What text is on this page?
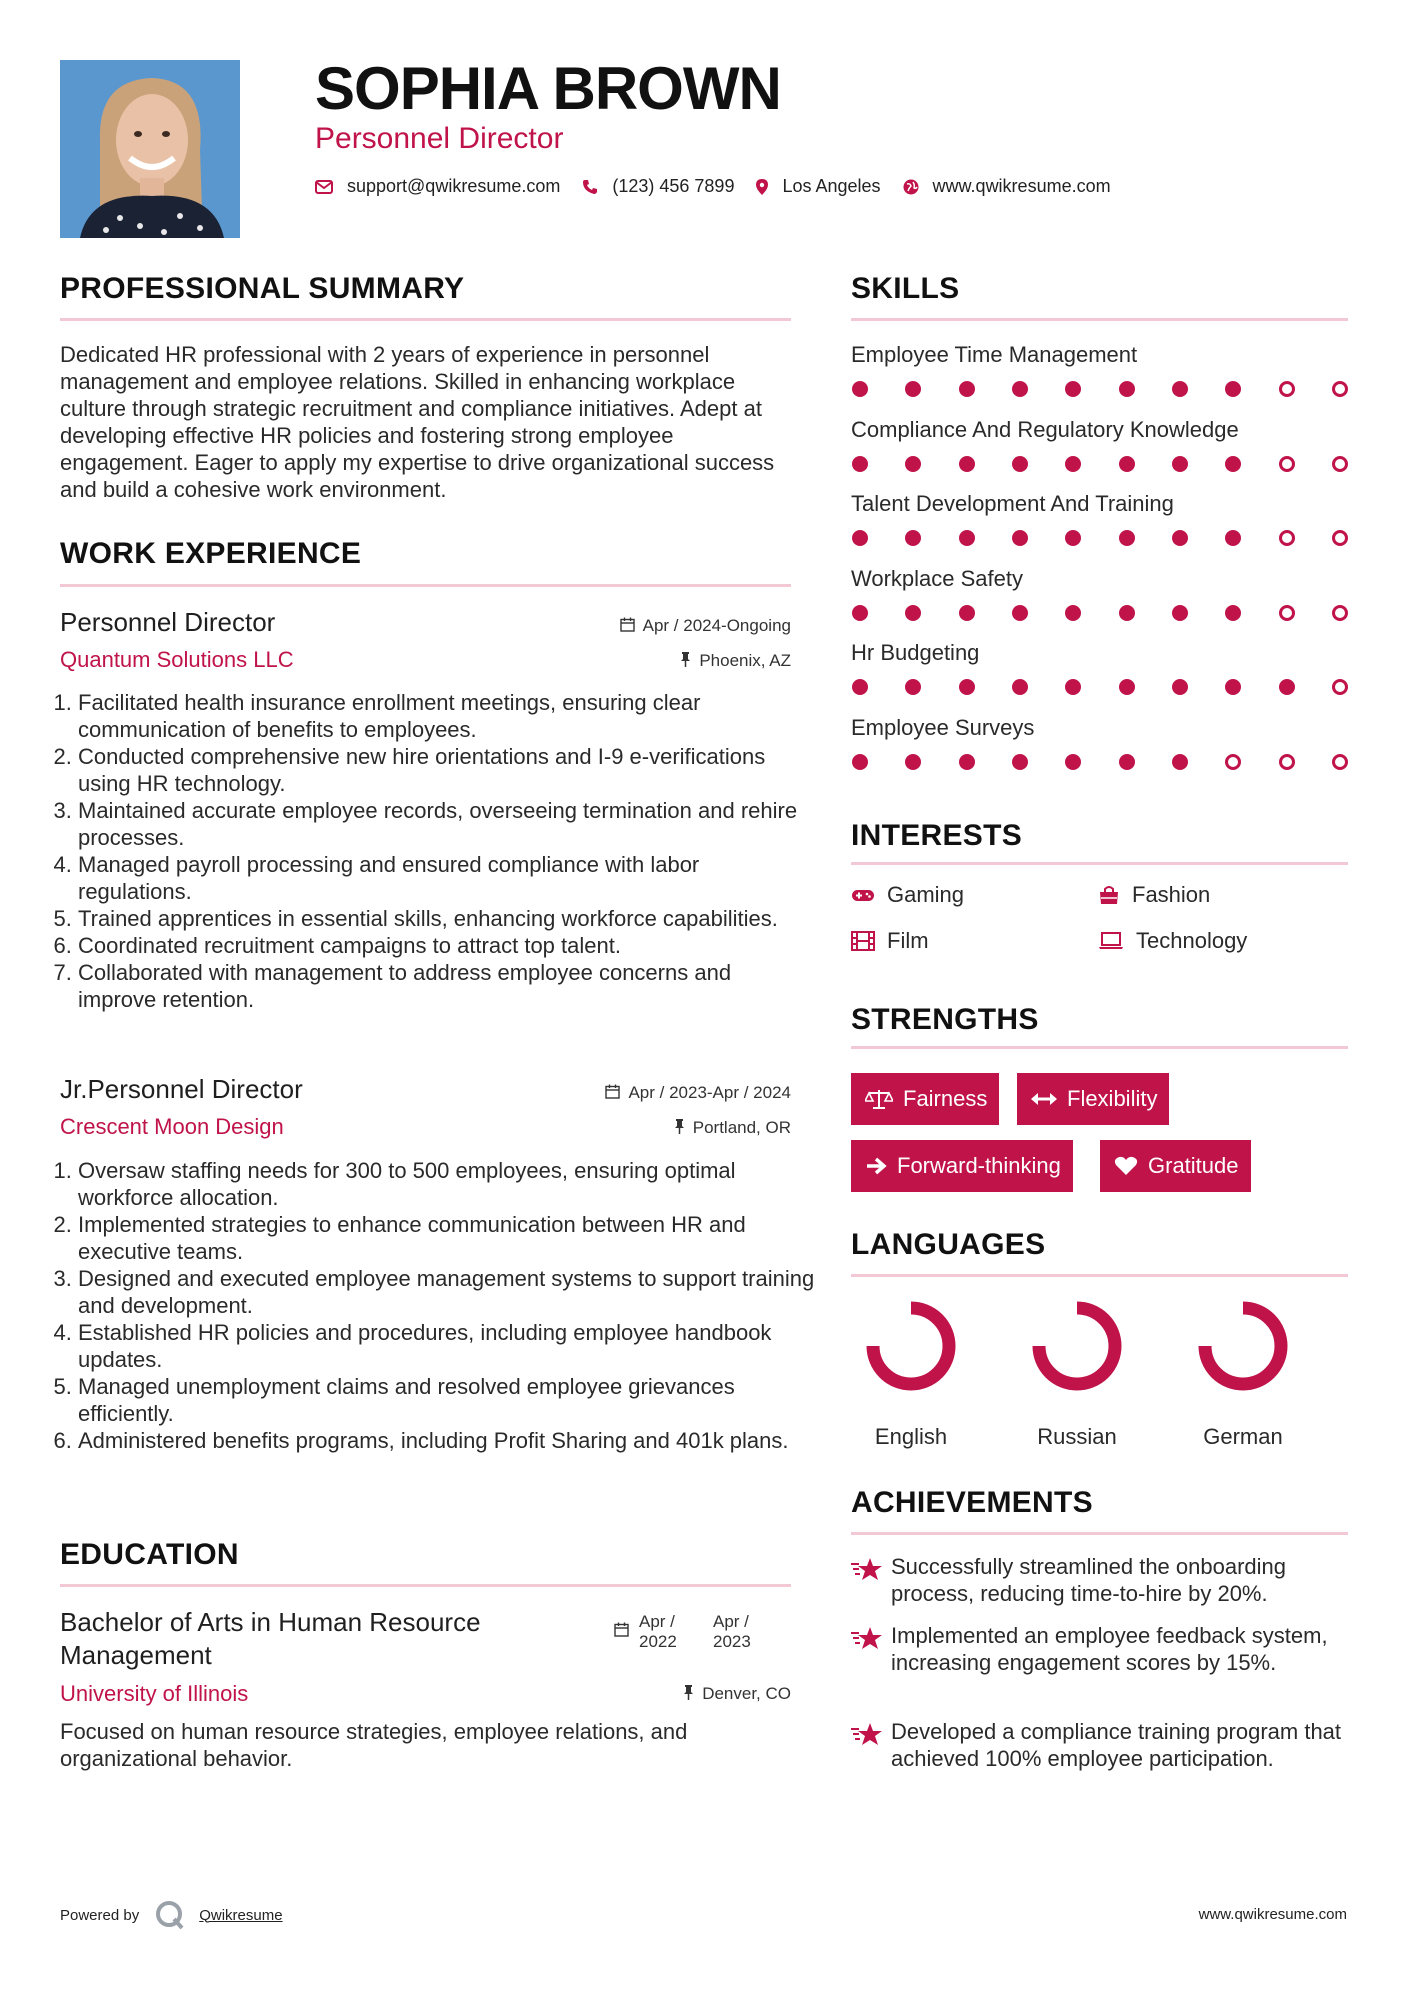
SOPHIA BROWN
Personnel Director
support@qwikresume.com	(123) 456 7899	Los Angeles	www.qwikresume.com
PROFESSIONAL SUMMARY
Dedicated HR professional with 2 years of experience in personnel management and employee relations. Skilled in enhancing workplace culture through strategic recruitment and compliance initiatives. Adept at developing effective HR policies and fostering strong employee engagement. Eager to apply my expertise to drive organizational success and build a cohesive work environment.
WORK EXPERIENCE
Personnel Director	Apr / 2024-Ongoing
Quantum Solutions LLC	Phoenix, AZ
1. Facilitated health insurance enrollment meetings, ensuring clear communication of benefits to employees.
2. Conducted comprehensive new hire orientations and I-9 e-verifications using HR technology.
3. Maintained accurate employee records, overseeing termination and rehire processes.
4. Managed payroll processing and ensured compliance with labor regulations.
5. Trained apprentices in essential skills, enhancing workforce capabilities.
6. Coordinated recruitment campaigns to attract top talent.
7. Collaborated with management to address employee concerns and improve retention.
Jr.Personnel Director	Apr / 2023-Apr / 2024
Crescent Moon Design	Portland, OR
1. Oversaw staffing needs for 300 to 500 employees, ensuring optimal workforce allocation.
2. Implemented strategies to enhance communication between HR and executive teams.
3. Designed and executed employee management systems to support training and development.
4. Established HR policies and procedures, including employee handbook updates.
5. Managed unemployment claims and resolved employee grievances efficiently.
6. Administered benefits programs, including Profit Sharing and 401k plans.
EDUCATION
Bachelor of Arts in Human Resource Management
Apr / 2022
Apr / 2023
University of Illinois	Denver, CO
Focused on human resource strategies, employee relations, and organizational behavior.
SKILLS
Employee Time Management
Compliance And Regulatory Knowledge
Talent Development And Training
Workplace Safety
Hr Budgeting
Employee Surveys
INTERESTS
Gaming	Fashion
Film	Technology
STRENGTHS
Fairness	Flexibility
Forward-thinking	Gratitude
LANGUAGES
English	Russian	German
ACHIEVEMENTS
Successfully streamlined the onboarding process, reducing time-to-hire by 20%.
Implemented an employee feedback system, increasing engagement scores by 15%.
Developed a compliance training program that achieved 100% employee participation.
Powered by	Qwikresume	www.qwikresume.com
